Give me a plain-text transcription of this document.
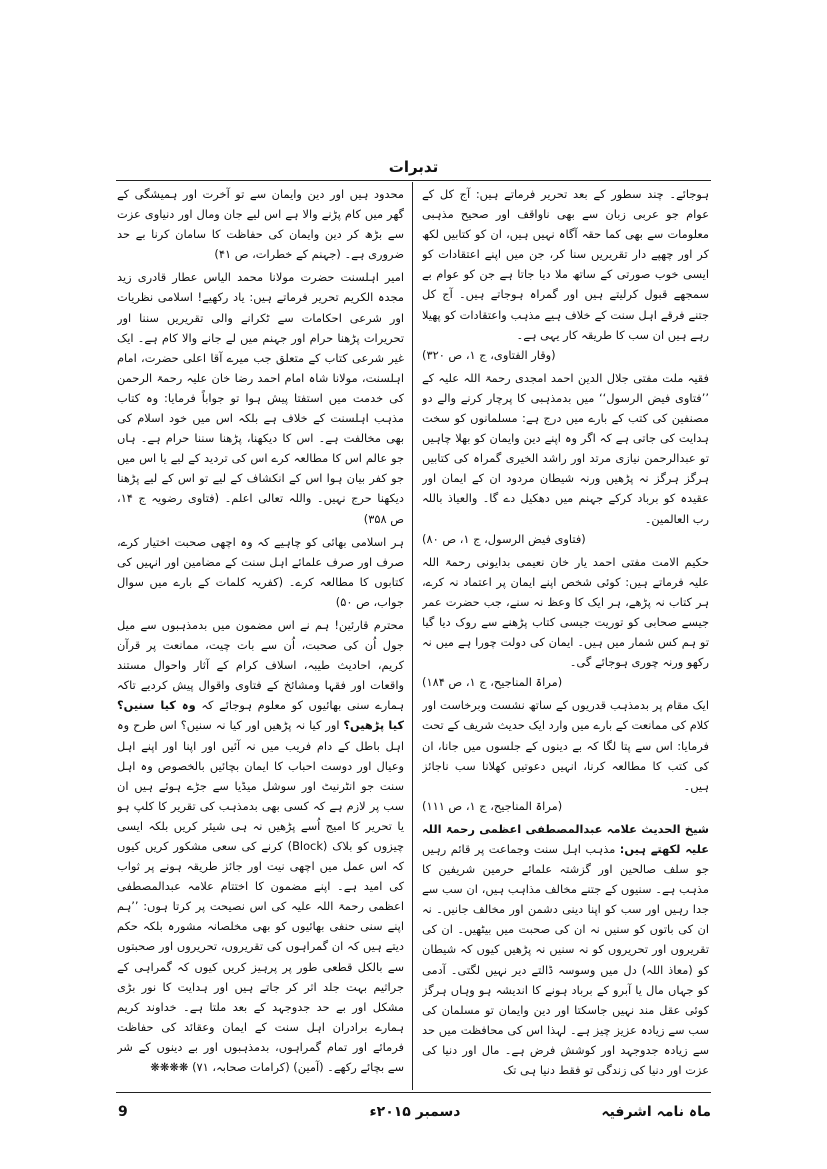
تدبرات

ہوجائے۔ چند سطور کے بعد تحریر فرماتے ہیں: آج کل کے عوام جو عربی زبان سے بھی ناواقف اور صحیح مذہبی معلومات سے بھی کما حقہ آگاہ نہیں ہیں، ان کو کتابیں لکھ کر اور چھپے دار تقریریں سنا کر، جن میں اپنے اعتقادات کو ایسی خوب صورتی کے ساتھ ملا دیا جاتا ہے جن کو عوام بے سمجھے قبول کرلیتے ہیں اور گمراہ ہوجاتے ہیں۔ آج کل جتنے فرقے اہل سنت کے خلاف ہیے مذہب واعتقادات کو پھیلا رہے ہیں ان سب کا طریقہ کار یہی ہے۔
(وقار الفتاوی، ج ۱، ص ۳۲۰)

فقیہ ملت مفتی جلال الدین احمد امجدی رحمۃ اللہ علیہ کے ’’فتاوی فیض الرسول‘‘ میں بدمذہبی کا پرچار کرنے والے دو مصنفین کی کتب کے بارے میں درج ہے: مسلمانوں کو سخت ہدایت کی جاتی ہے کہ اگر وہ اپنے دین وایمان کو بھلا چاہیں تو عبدالرحمن نیازی مرتد اور راشد الخیری گمراہ کی کتابیں ہرگز ہرگز نہ پڑھیں ورنہ شیطان مردود ان کے ایمان اور عقیدہ کو برباد کرکے جہنم میں دھکیل دے گا۔ والعیاذ باللہ رب العالمین۔
(فتاوی فیض الرسول، ج ۱، ص ۸۰)

حکیم الامت مفتی احمد یار خان نعیمی بدایونی رحمۃ اللہ علیہ فرماتے ہیں: کوئی شخص اپنے ایمان پر اعتماد نہ کرے، ہر کتاب نہ پڑھے، ہر ایک کا وعظ نہ سنے، جب حضرت عمر جیسے صحابی کو توریت جیسی کتاب پڑھنے سے روک دیا گیا تو ہم کس شمار میں ہیں۔ ایمان کی دولت چورا ہے میں نہ رکھو ورنہ چوری ہوجائے گی۔
(مراۃ المناجیح، ج ۱، ص ۱۸۴)

ایک مقام پر بدمذہب قدریوں کے ساتھ نشست وبرخاست اور کلام کی ممانعت کے بارے میں وارد ایک حدیث شریف کے تحت فرمایا: اس سے پتا لگا کہ بے دینوں کے جلسوں میں جانا، ان کی کتب کا مطالعہ کرنا، انہیں دعوتیں کھلانا سب ناجائز ہیں۔
(مراۃ المناجیح، ج ۱، ص ۱۱۱)

شیخ الحدیث علامہ عبدالمصطفی اعظمی رحمۃ اللہ علیہ لکھتے ہیں: مذہب اہل سنت وجماعت پر قائم رہیں جو سلف صالحین اور گزشتہ علمائے حرمین شریفین کا مذہب ہے۔ سنیوں کے جتنے مخالف مذاہب ہیں، ان سب سے جدا رہیں اور سب کو اپنا دینی دشمن اور مخالف جانیں۔ نہ ان کی باتوں کو سنیں نہ ان کی صحبت میں بیٹھیں۔ ان کی تقریروں اور تحریروں کو نہ سنیں نہ پڑھیں کیوں کہ شیطان کو (معاذ اللہ) دل میں وسوسہ ڈالتے دیر نہیں لگتی۔ آدمی کو جہاں مال یا آبرو کے برباد ہونے کا اندیشہ ہو وہاں ہرگز کوئی عقل مند نہیں جاسکتا اور دین وایمان تو مسلمان کی سب سے زیادہ عزیز چیز ہے۔ لہذا اس کی محافظت میں حد سے زیادہ جدوجہد اور کوشش فرض ہے۔ مال اور دنیا کی عزت اور دنیا کی زندگی تو فقط دنیا ہی تک

محدود ہیں اور دین وایمان سے تو آخرت اور ہمیشگی کے گھر میں کام پڑنے والا ہے اس لیے جان ومال اور دنیاوی عزت سے بڑھ کر دین وایمان کی حفاظت کا سامان کرنا بے حد ضروری ہے۔ (جہنم کے خطرات، ص ۴۱)

امیر اہلسنت حضرت مولانا محمد الیاس عطار قادری زید مجدہ الکریم تحریر فرماتے ہیں: یاد رکھیے! اسلامی نظریات اور شرعی احکامات سے ٹکرانے والی تقریریں سننا اور تحریرات پڑھنا حرام اور جہنم میں لے جانے والا کام ہے۔ ایک غیر شرعی کتاب کے متعلق جب میرے آقا اعلی حضرت، امام اہلسنت، مولانا شاہ امام احمد رضا خان علیہ رحمۃ الرحمن کی خدمت میں استفتا پیش ہوا تو جواباً فرمایا: وہ کتاب مذہب اہلسنت کے خلاف ہے بلکہ اس میں خود اسلام کی بھی مخالفت ہے۔ اس کا دیکھنا، پڑھنا سننا حرام ہے۔ ہاں جو عالم اس کا مطالعہ کرے اس کی تردید کے لیے یا اس میں جو کفر بیان ہوا اس کے انکشاف کے لیے تو اس کے لیے پڑھنا دیکھنا حرج نہیں۔ واللہ تعالی اعلم۔ (فتاوی رضویہ ج ۱۴، ص ۳۵۸)

ہر اسلامی بھائی کو چاہیے کہ وہ اچھی صحبت اختیار کرے، صرف اور صرف علمائے اہل سنت کے مضامین اور انہیں کی کتابوں کا مطالعہ کرے۔ (کفریہ کلمات کے بارے میں سوال جواب، ص ۵۰)

محترم قارئین! ہم نے اس مضمون میں بدمذہبوں سے میل جول اُن کی صحبت، اُن سے بات چیت، ممانعت پر قرآن کریم، احادیث طیبہ، اسلاف کرام کے آثار واحوال مستند واقعات اور فقہا ومشائخ کے فتاوی واقوال پیش کردیے تاکہ ہمارے سنی بھائیوں کو معلوم ہوجائے کہ وہ کیا سنیں؟ کیا پڑھیں؟ اور کیا نہ پڑھیں اور کیا نہ سنیں؟ اس طرح وہ اہل باطل کے دام فریب میں نہ آئیں اور اپنا اور اپنے اہل وعیال اور دوست احباب کا ایمان بچائیں بالخصوص وہ اہل سنت جو انٹرنیٹ اور سوشل میڈیا سے جڑے ہوئے ہیں ان سب پر لازم ہے کہ کسی بھی بدمذہب کی تقریر کا کلپ ہو یا تحریر کا امیج اُسے پڑھیں نہ ہی شیئر کریں بلکہ ایسی چیزوں کو بلاک (Block) کرنے کی سعی مشکور کریں کیوں کہ اس عمل میں اچھی نیت اور جائز طریقہ ہونے پر ثواب کی امید ہے۔ اپنے مضمون کا اختتام علامہ عبدالمصطفی اعظمی رحمۃ اللہ علیہ کی اس نصیحت پر کرتا ہوں: ’’ہم اپنے سنی حنفی بھائیوں کو بھی مخلصانہ مشورہ بلکہ حکم دیتے ہیں کہ ان گمراہوں کی تقریروں، تحریروں اور صحبتوں سے بالکل قطعی طور پر پرہیز کریں کیوں کہ گمراہی کے جراثیم بہت جلد اثر کر جاتے ہیں اور ہدایت کا نور بڑی مشکل اور بے حد جدوجہد کے بعد ملتا ہے۔ خداوند کریم ہمارے برادران اہل سنت کے ایمان وعقائد کی حفاظت فرمائے اور تمام گمراہوں، بدمذہبوں اور بے دینوں کے شر سے بچائے رکھے۔ (آمین) (کرامات صحابہ، ۷۱) ❋❋❋❋

ماہ نامہ اشرفیہ
دسمبر ۲۰۱۵ء
9
